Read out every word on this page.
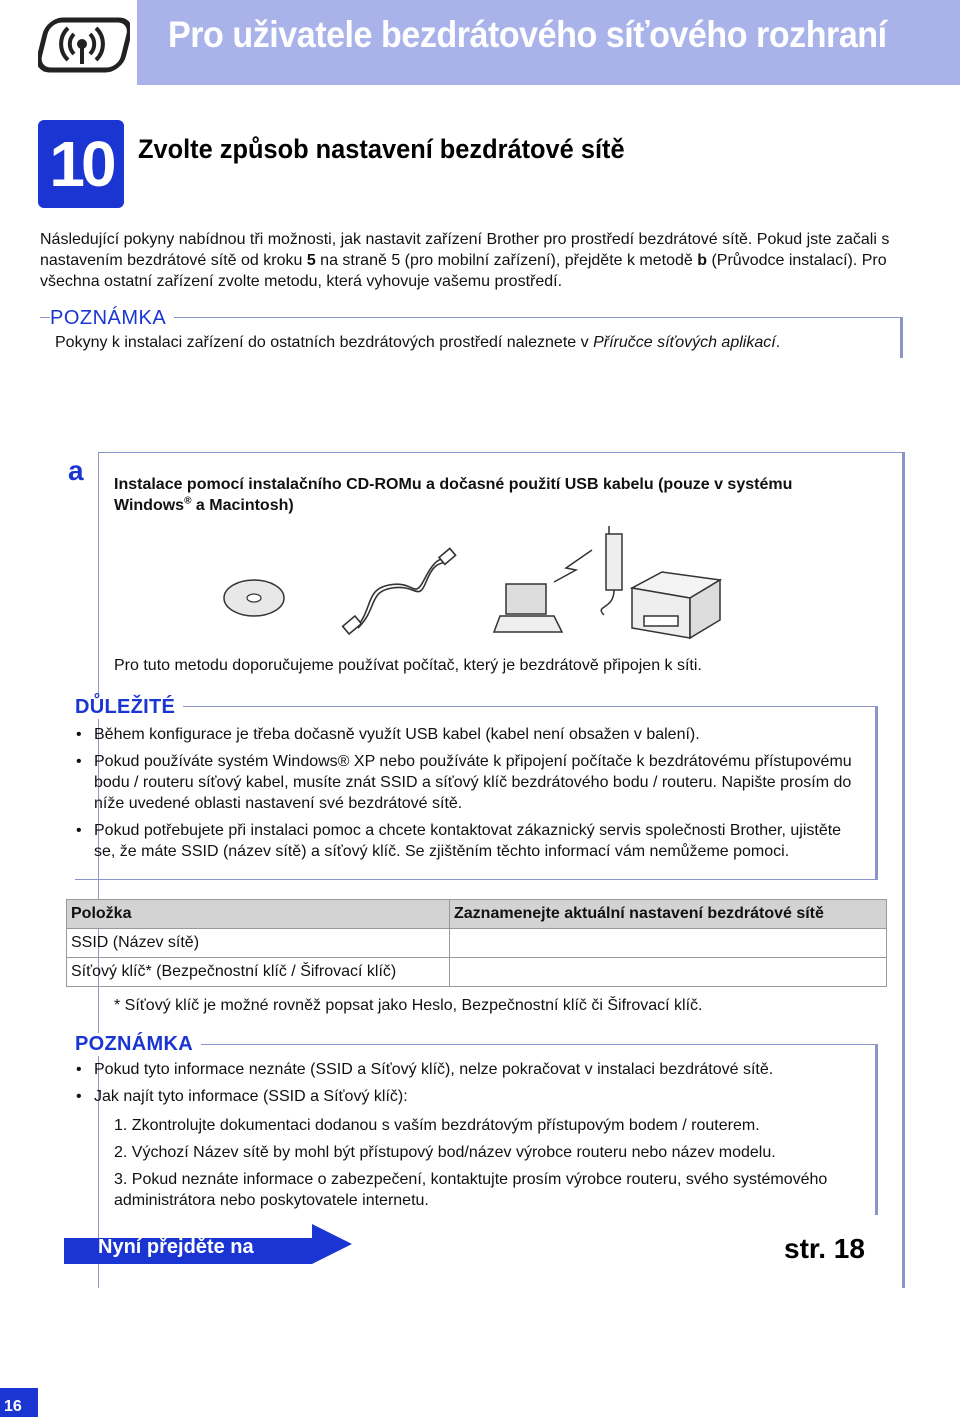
Pro uživatele bezdrátového síťového rozhraní
10 Zvolte způsob nastavení bezdrátové sítě

Následující pokyny nabídnou tři možnosti, jak nastavit zařízení Brother pro prostředí bezdrátové sítě. Pokud jste začali s nastavením bezdrátové sítě od kroku 5 na straně 5 (pro mobilní zařízení), přejděte k metodě b (Průvodce instalací). Pro všechna ostatní zařízení zvolte metodu, která vyhovuje vašemu prostředí.

POZNÁMKA
Pokyny k instalaci zařízení do ostatních bezdrátových prostředí naleznete v Příručce síťových aplikací.
a Instalace pomocí instalačního CD-ROMu a dočasné použití USB kabelu (pouze v systému Windows® a Macintosh)
Pro tuto metodu doporučujeme používat počítač, který je bezdrátově připojen k síti.
DŮLEŽITÉ
• Během konfigurace je třeba dočasně využít USB kabel (kabel není obsažen v balení).
• Pokud používáte systém Windows® XP nebo používáte k připojení počítače k bezdrátovému přístupovému bodu / routeru síťový kabel, musíte znát SSID a síťový klíč bezdrátového bodu / routeru. Napište prosím do níže uvedené oblasti nastavení své bezdrátové sítě.
• Pokud potřebujete při instalaci pomoc a chcete kontaktovat zákaznický servis společnosti Brother, ujistěte se, že máte SSID (název sítě) a síťový klíč. Se zjištěním těchto informací vám nemůžeme pomoci.
Položka	Zaznamenejte aktuální nastavení bezdrátové sítě
SSID (Název sítě)	
Síťový klíč* (Bezpečnostní klíč / Šifrovací klíč)	
* Síťový klíč je možné rovněž popsat jako Heslo, Bezpečnostní klíč či Šifrovací klíč.
POZNÁMKA
• Pokud tyto informace neznáte (SSID a Síťový klíč), nelze pokračovat v instalaci bezdrátové sítě.
• Jak najít tyto informace (SSID a Síťový klíč):
1. Zkontrolujte dokumentaci dodanou s vaším bezdrátovým přístupovým bodem / routerem.
2. Výchozí Název sítě by mohl být přístupový bod/název výrobce routeru nebo název modelu.
3. Pokud neznáte informace o zabezpečení, kontaktujte prosím výrobce routeru, svého systémového administrátora nebo poskytovatele internetu.
Nyní přejděte na	str. 18
16
